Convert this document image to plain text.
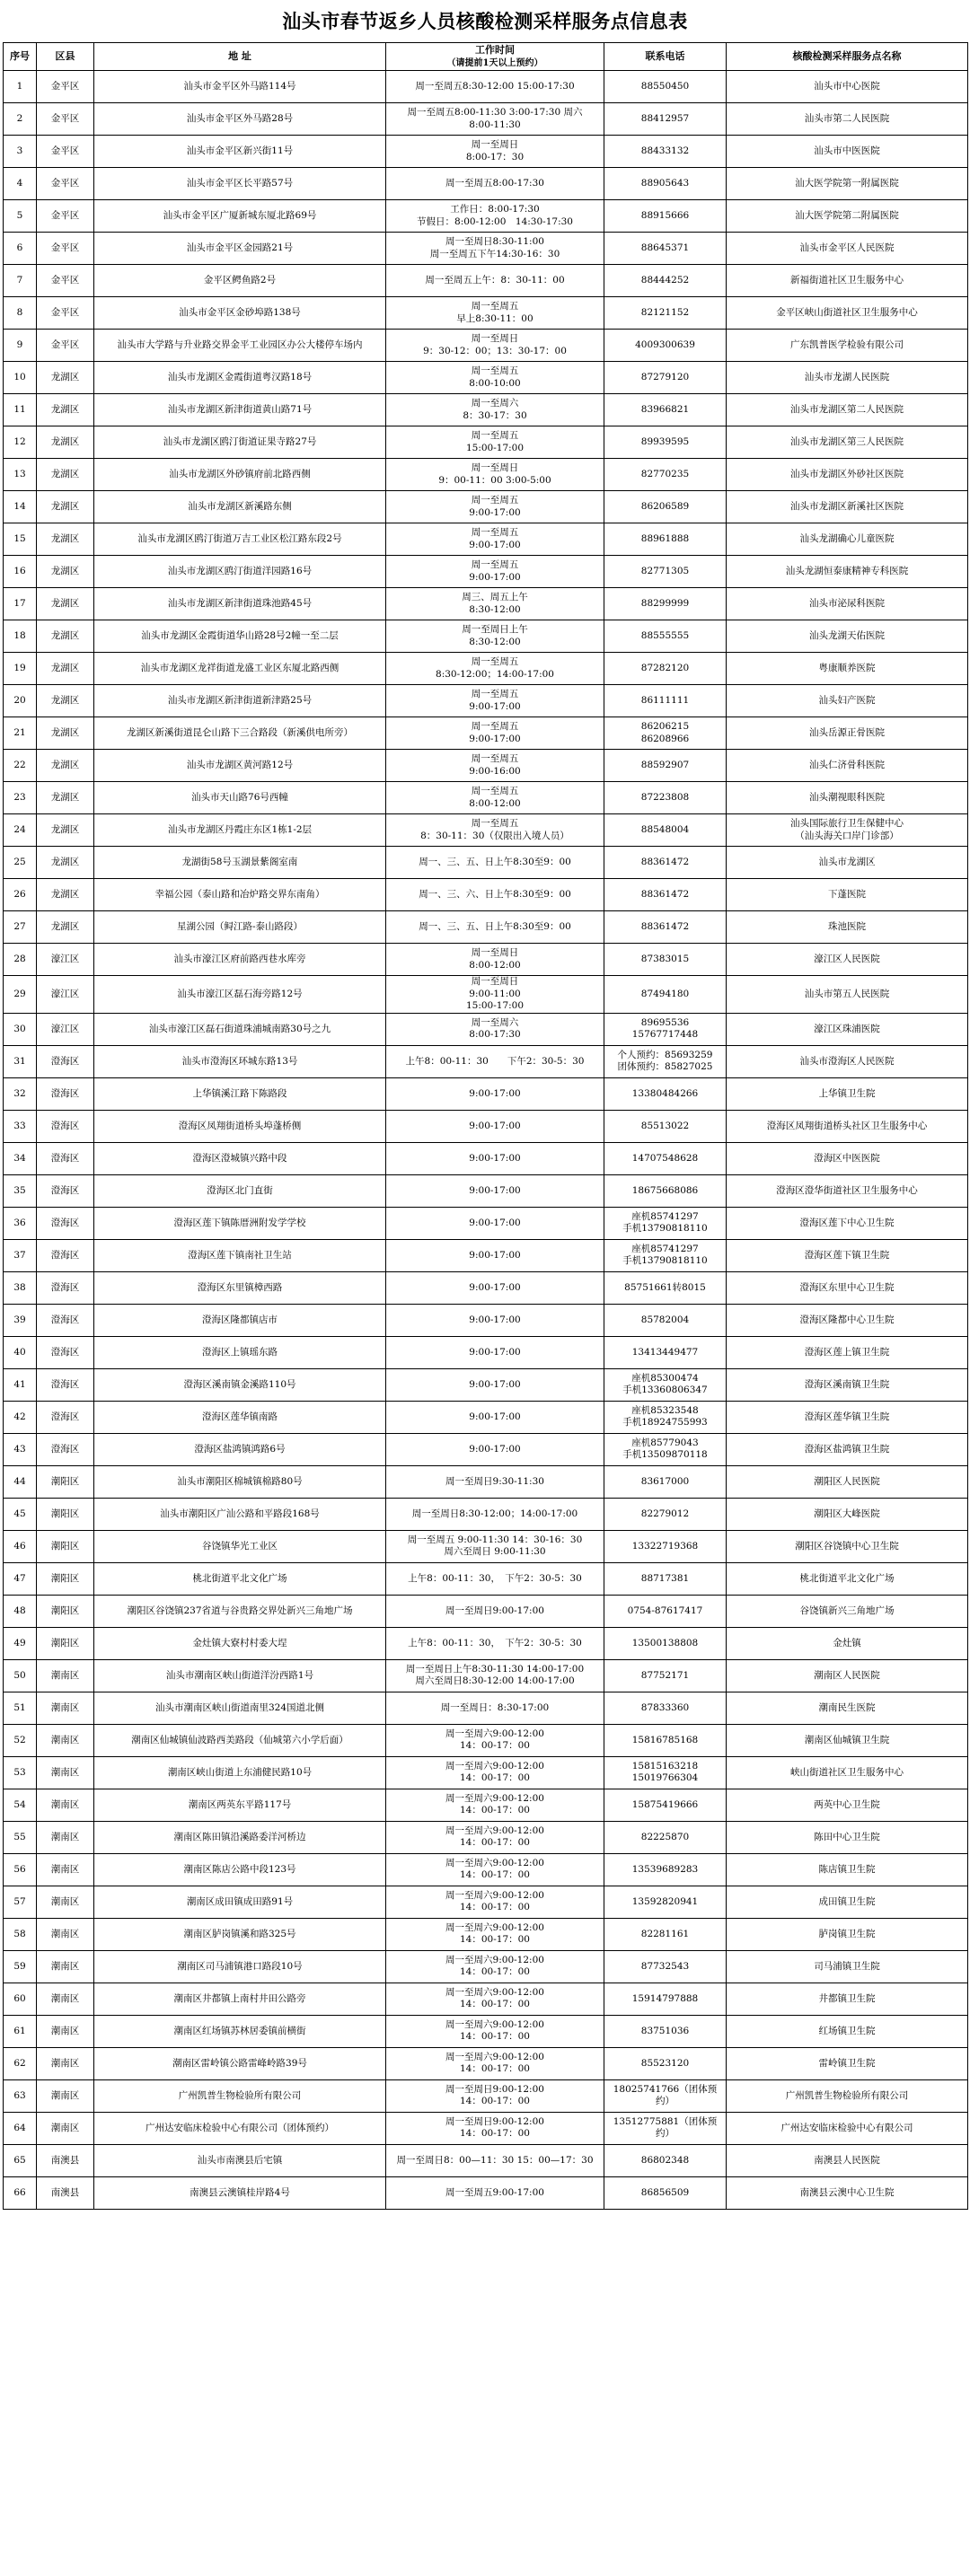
汕头市春节返乡人员核酸检测采样服务点信息表
序号	区县	地 址	工作时间
（请提前1天以上预约）	联系电话	核酸检测采样服务点名称
1	金平区	汕头市金平区外马路114号	周一至周五8:30-12:00 15:00-17:30	88550450	汕头市中心医院

2	金平区	汕头市金平区外马路28号	周一至周五8:00-11:30 3:00-17:30 周六
8:00-11:30	88412957	汕头市第二人民医院

3	金平区	汕头市金平区新兴街11号	周一至周日
8:00-17：30	88433132	汕头市中医医院

4	金平区	汕头市金平区长平路57号	周一至周五8:00-17:30	88905643	汕大医学院第一附属医院

5	金平区	汕头市金平区广厦新城东厦北路69号	工作日：8:00-17:30
节假日：8:00-12:00　14:30-17:30	88915666	汕大医学院第二附属医院

6	金平区	汕头市金平区金园路21号	周一至周日8:30-11:00
周一至周五下午14:30-16：30	88645371	汕头市金平区人民医院

7	金平区	金平区鳄鱼路2号	周一至周五上午：8：30-11：00	88444252	新福街道社区卫生服务中心

8	金平区	汕头市金平区金砂埠路138号	周一至周五
早上8:30-11：00	82121152	金平区峡山街道社区卫生服务中心

9	金平区	汕头市大学路与升业路交界金平工业园区办公大楼停车场内	周一至周日
9：30-12：00；13：30-17：00	4009300639	广东凯普医学检验有限公司

10	龙湖区	汕头市龙湖区金霞街道粤汉路18号	周一至周五
8:00-10:00	87279120	汕头市龙湖人民医院

11	龙湖区	汕头市龙湖区新津街道黄山路71号	周一至周六
8：30-17：30	83966821	汕头市龙湖区第二人民医院

12	龙湖区	汕头市龙湖区鸥汀街道证果寺路27号	周一至周五
15:00-17:00	89939595	汕头市龙湖区第三人民医院

13	龙湖区	汕头市龙湖区外砂镇府前北路西侧	周一至周日
9：00-11：00 3:00-5:00	82770235	汕头市龙湖区外砂社区医院

14	龙湖区	汕头市龙湖区新溪路东侧	周一至周五
9:00-17:00	86206589	汕头市龙湖区新溪社区医院

15	龙湖区	汕头市龙湖区鸥汀街道万吉工业区松江路东段2号	周一至周五
9:00-17:00	88961888	汕头龙湖确心儿童医院

16	龙湖区	汕头市龙湖区鸥汀街道洋园路16号	周一至周五
9:00-17:00	82771305	汕头龙湖恒泰康精神专科医院

17	龙湖区	汕头市龙湖区新津街道珠池路45号	周三、周五上午
8:30-12:00	88299999	汕头市泌尿科医院

18	龙湖区	汕头市龙湖区金霞街道华山路28号2幢一至二层	周一至周日上午
8:30-12:00	88555555	汕头龙湖天佑医院

19	龙湖区	汕头市龙湖区龙祥街道龙盛工业区东厦北路西侧	周一至周五
8:30-12:00；14:00-17:00	87282120	粤康顺养医院

20	龙湖区	汕头市龙湖区新津街道新津路25号	周一至周五
9:00-17:00	86111111	汕头妇产医院

21	龙湖区	龙湖区新溪街道昆仑山路下三合路段（新溪供电所旁）	周一至周五
9:00-17:00	86206215
86208966	汕头岳源正骨医院

22	龙湖区	汕头市龙湖区黄河路12号	周一至周五
9:00-16:00	88592907	汕头仁济骨科医院

23	龙湖区	汕头市天山路76号西幢	周一至周五
8:00-12:00	87223808	汕头潮视眼科医院

24	龙湖区	汕头市龙湖区丹霞庄东区1栋1-2层	周一至周五
8：30-11：30（仅限出入境人员）	88548004	汕头国际旅行卫生保健中心
（汕头海关口岸门诊部）

25	龙湖区	龙湖街58号玉湖景紫阁室南	周一、三、五、日上午8:30至9：00	88361472	汕头市龙湖区

26	龙湖区	幸福公园（泰山路和冶炉路交界东南角）	周一、三、六、日上午8:30至9：00	88361472	下蓬医院

27	龙湖区	星湖公园（鲟江路-泰山路段）	周一、三、五、日上午8:30至9：00	88361472	珠池医院

28	濠江区	汕头市濠江区府前路西巷水库旁	周一至周日
8:00-12:00	87383015	濠江区人民医院

29	濠江区	汕头市濠江区磊石海旁路12号	周一至周日
9:00-11:00
15:00-17:00	87494180	汕头市第五人民医院

30	濠江区	汕头市濠江区磊石街道珠浦城南路30号之九	周一至周六
8:00-17:30	89695536
15767717448	濠江区珠浦医院

31	澄海区	汕头市澄海区环城东路13号	上午8：00-11：30　　下午2：30-5：30	个人预约：85693259
团体预约：85827025	汕头市澄海区人民医院

32	澄海区	上华镇溪江路下陈路段	9:00-17:00	13380484266	上华镇卫生院

33	澄海区	澄海区凤翔街道桥头埠蓬桥侧	9:00-17:00	85513022	澄海区凤翔街道桥头社区卫生服务中心

34	澄海区	澄海区澄城镇兴路中段	9:00-17:00	14707548628	澄海区中医医院

35	澄海区	澄海区北门直街	9:00-17:00	18675668086	澄海区澄华街道社区卫生服务中心

36	澄海区	澄海区莲下镇陈厝洲附发学学校	9:00-17:00	座机85741297
手机13790818110	澄海区莲下中心卫生院

37	澄海区	澄海区莲下镇南社卫生站	9:00-17:00	座机85741297
手机13790818110	澄海区莲下镇卫生院

38	澄海区	澄海区东里镇樟西路	9:00-17:00	85751661转8015	澄海区东里中心卫生院

39	澄海区	澄海区隆都镇店市	9:00-17:00	85782004	澄海区隆都中心卫生院

40	澄海区	澄海区上镇瑶东路	9:00-17:00	13413449477	澄海区莲上镇卫生院

41	澄海区	澄海区溪南镇金溪路110号	9:00-17:00	座机85300474
手机13360806347	澄海区溪南镇卫生院

42	澄海区	澄海区莲华镇南路	9:00-17:00	座机85323548
手机18924755993	澄海区莲华镇卫生院

43	澄海区	澄海区盐鸿镇鸿路6号	9:00-17:00	座机85779043
手机13509870118	澄海区盐鸿镇卫生院

44	潮阳区	汕头市潮阳区棉城镇棉路80号	周一至周日9:30-11:30	83617000	潮阳区人民医院

45	潮阳区	汕头市潮阳区广汕公路和平路段168号	周一至周日8:30-12:00；14:00-17:00	82279012	潮阳区大峰医院

46	潮阳区	谷饶镇华光工业区	周一至周五 9:00-11:30 14：30-16：30
周六至周日 9:00-11:30	13322719368	潮阳区谷饶镇中心卫生院

47	潮阳区	桃北街道平北文化广场	上午8：00-11：30，　下午2：30-5：30	88717381	桃北街道平北文化广场

48	潮阳区	潮阳区谷饶镇237省道与谷贵路交界处新兴三角地广场	周一至周日9:00-17:00	0754-87617417	谷饶镇新兴三角地广场

49	潮阳区	金灶镇大寮村村委大埕	上午8：00-11：30，　下午2：30-5：30	13500138808	金灶镇

50	潮南区	汕头市潮南区峡山街道洋汾西路1号	周一至周日上午8:30-11:30 14:00-17:00
周六至周日8:30-12:00 14:00-17:00	87752171	潮南区人民医院

51	潮南区	汕头市潮南区峡山街道南里324国道北侧	周一至周日：8:30-17:00	87833360	潮南民生医院

52	潮南区	潮南区仙城镇仙波路西美路段（仙城第六小学后面）	周一至周六9:00-12:00
14：00-17：00	15816785168	潮南区仙城镇卫生院

53	潮南区	潮南区峡山街道上东浦健民路10号	周一至周六9:00-12:00
14：00-17：00	15815163218
15019766304	峡山街道社区卫生服务中心

54	潮南区	潮南区两英东平路117号	周一至周六9:00-12:00
14：00-17：00	15875419666	两英中心卫生院

55	潮南区	潮南区陈田镇沿溪路委洋河桥边	周一至周六9:00-12:00
14：00-17：00	82225870	陈田中心卫生院

56	潮南区	潮南区陈店公路中段123号	周一至周六9:00-12:00
14：00-17：00	13539689283	陈店镇卫生院

57	潮南区	潮南区成田镇成田路91号	周一至周六9:00-12:00
14：00-17：00	13592820941	成田镇卫生院

58	潮南区	潮南区胪岗镇溪和路325号	周一至周六9:00-12:00
14：00-17：00	82281161	胪岗镇卫生院

59	潮南区	潮南区司马浦镇港口路段10号	周一至周六9:00-12:00
14：00-17：00	87732543	司马浦镇卫生院

60	潮南区	潮南区井都镇上南村井田公路旁	周一至周六9:00-12:00
14：00-17：00	15914797888	井都镇卫生院

61	潮南区	潮南区红场镇苏林居委镇前横街	周一至周六9:00-12:00
14：00-17：00	83751036	红场镇卫生院

62	潮南区	潮南区雷岭镇公路雷峰岭路39号	周一至周六9:00-12:00
14：00-17：00	85523120	雷岭镇卫生院

63	潮南区	广州凯普生物检验所有限公司	周一至周日9:00-12:00
14：00-17：00	18025741766（团体预约）	广州凯普生物检验所有限公司

64	潮南区	广州达安临床检验中心有限公司（团体预约）	周一至周日9:00-12:00
14：00-17：00	13512775881（团体预约）	广州达安临床检验中心有限公司

65	南澳县	汕头市南澳县后宅镇	周一至周日8：00—11：30 15：00—17：30	86802348	南澳县人民医院

66	南澳县	南澳县云澳镇桂岸路4号	周一至周五9:00-17:00	86856509	南澳县云澳中心卫生院
